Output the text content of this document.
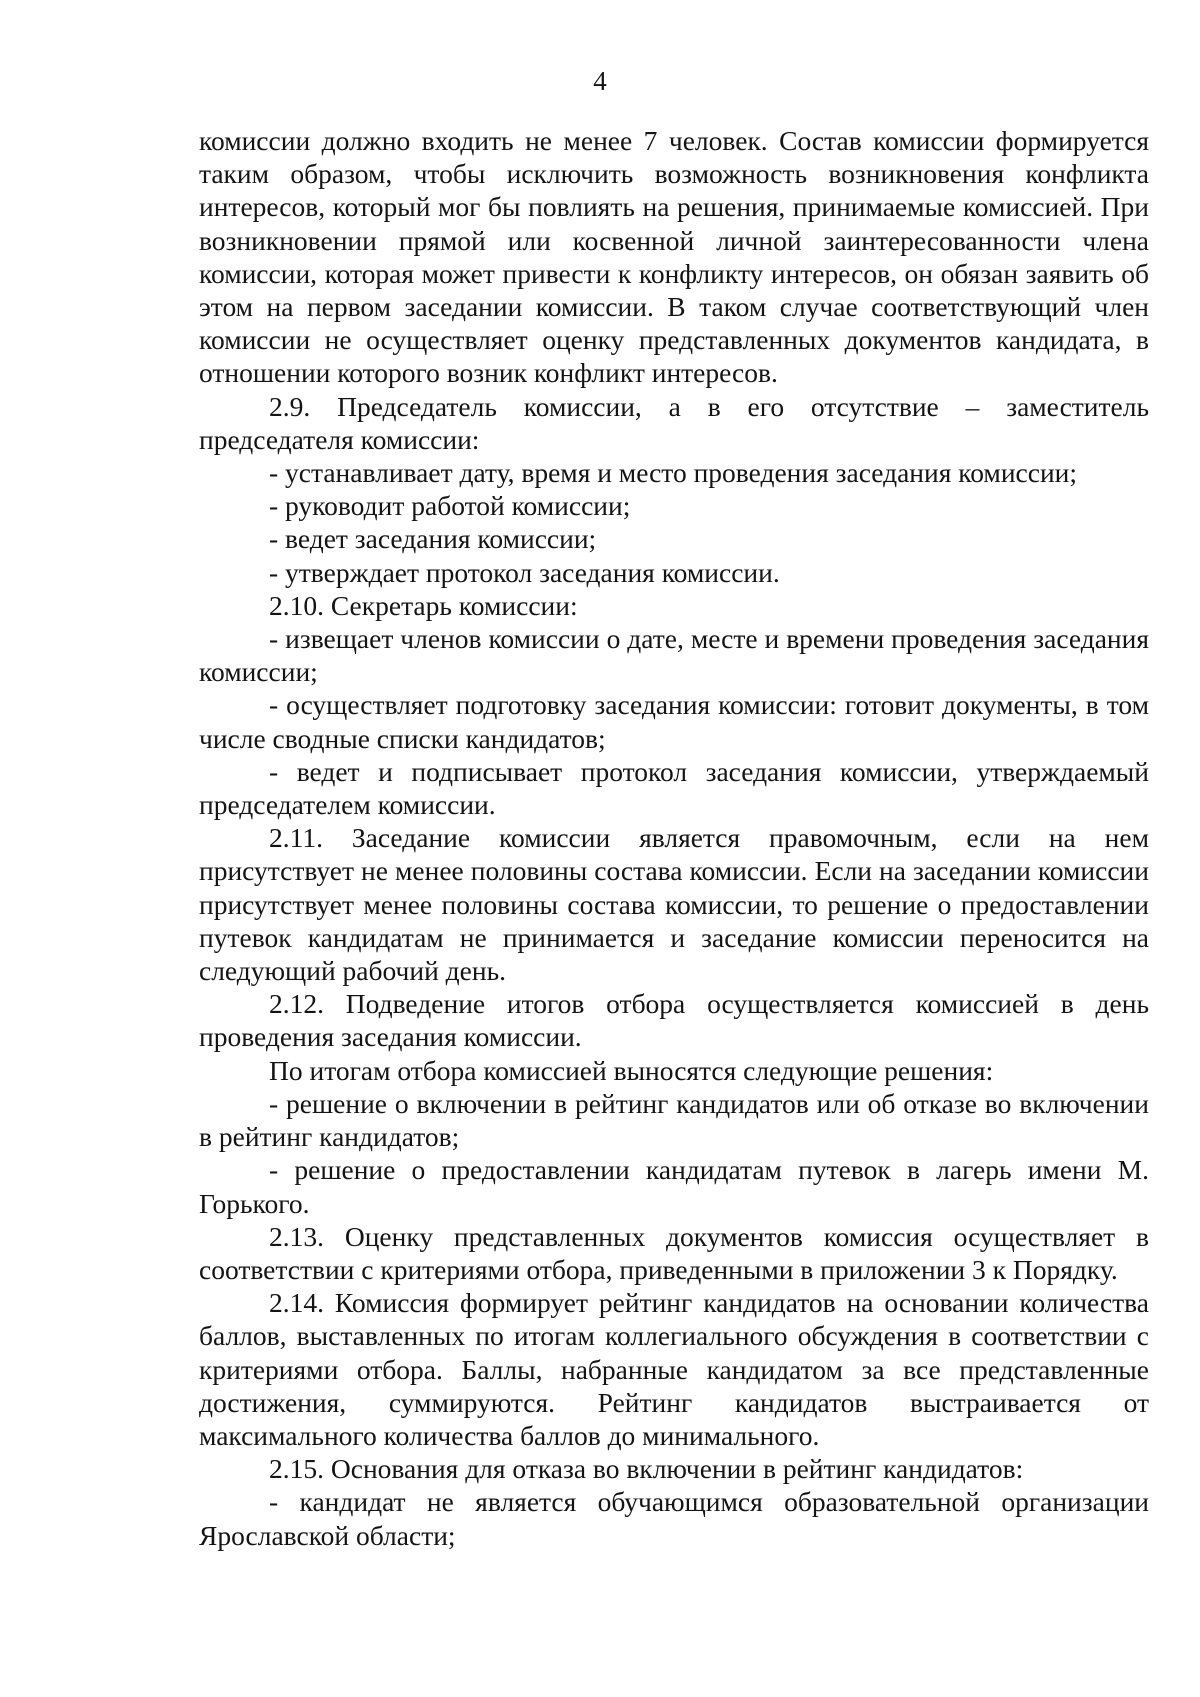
4

комиссии должно входить не менее 7 человек. Состав комиссии формируется таким образом, чтобы исключить возможность возникновения конфликта интересов, который мог бы повлиять на решения, принимаемые комиссией. При возникновении прямой или косвенной личной заинтересованности члена комиссии, которая может привести к конфликту интересов, он обязан заявить об этом на первом заседании комиссии. В таком случае соответствующий член комиссии не осуществляет оценку представленных документов кандидата, в отношении которого возник конфликт интересов.

2.9. Председатель комиссии, а в его отсутствие – заместитель председателя комиссии:

- устанавливает дату, время и место проведения заседания комиссии;

- руководит работой комиссии;

- ведет заседания комиссии;

- утверждает протокол заседания комиссии.

2.10. Секретарь комиссии:

- извещает членов комиссии о дате, месте и времени проведения заседания комиссии;

- осуществляет подготовку заседания комиссии: готовит документы, в том числе сводные списки кандидатов;

- ведет и подписывает протокол заседания комиссии, утверждаемый председателем комиссии.

2.11. Заседание комиссии является правомочным, если на нем присутствует не менее половины состава комиссии. Если на заседании комиссии присутствует менее половины состава комиссии, то решение о предоставлении путевок кандидатам не принимается и заседание комиссии переносится на следующий рабочий день.

2.12. Подведение итогов отбора осуществляется комиссией в день проведения заседания комиссии.

По итогам отбора комиссией выносятся следующие решения:

- решение о включении в рейтинг кандидатов или об отказе во включении в рейтинг кандидатов;

- решение о предоставлении кандидатам путевок в лагерь имени М. Горького.

2.13. Оценку представленных документов комиссия осуществляет в соответствии с критериями отбора, приведенными в приложении 3 к Порядку.

2.14. Комиссия формирует рейтинг кандидатов на основании количества баллов, выставленных по итогам коллегиального обсуждения в соответствии с критериями отбора. Баллы, набранные кандидатом за все представленные достижения, суммируются. Рейтинг кандидатов выстраивается от максимального количества баллов до минимального.

2.15. Основания для отказа во включении в рейтинг кандидатов:

- кандидат не является обучающимся образовательной организации Ярославской области;
